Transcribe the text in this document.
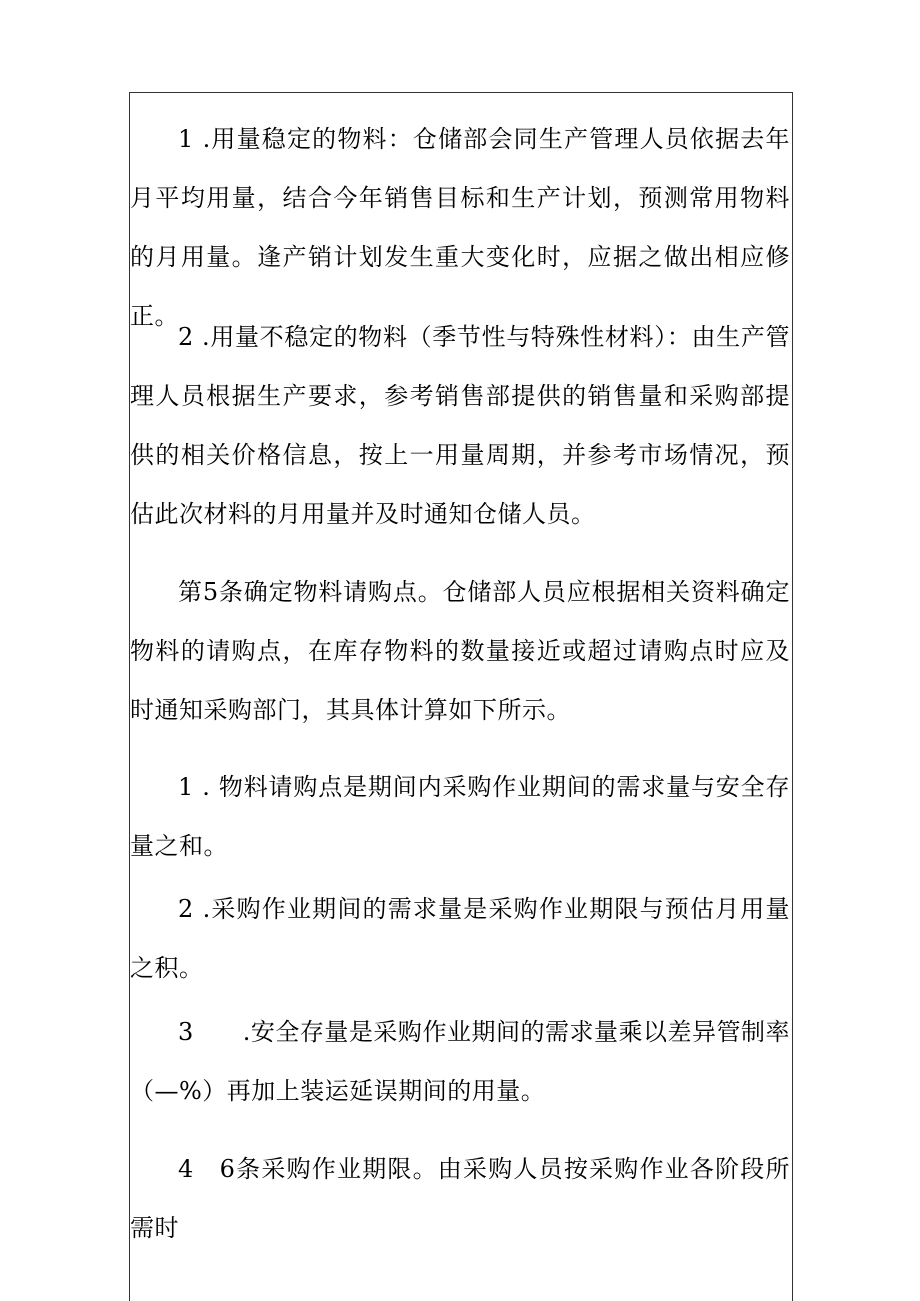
1 .用量稳定的物料：仓储部会同生产管理人员依据去年月平均用量，结合今年销售目标和生产计划，预测常用物料的月用量。逢产销计划发生重大变化时，应据之做出相应修正。

2 .用量不稳定的物料（季节性与特殊性材料）：由生产管理人员根据生产要求，参考销售部提供的销售量和采购部提供的相关价格信息，按上一用量周期，并参考市场情况，预估此次材料的月用量并及时通知仓储人员。

第5条确定物料请购点。仓储部人员应根据相关资料确定物料的请购点，在库存物料的数量接近或超过请购点时应及时通知采购部门，其具体计算如下所示。

1 . 物料请购点是期间内采购作业期间的需求量与安全存量之和。

2 .采购作业期间的需求量是采购作业期限与预估月用量之积。

3　　.安全存量是采购作业期间的需求量乘以差异管制率（—%）再加上装运延误期间的用量。

4　6条采购作业期限。由采购人员按采购作业各阶段所需时
